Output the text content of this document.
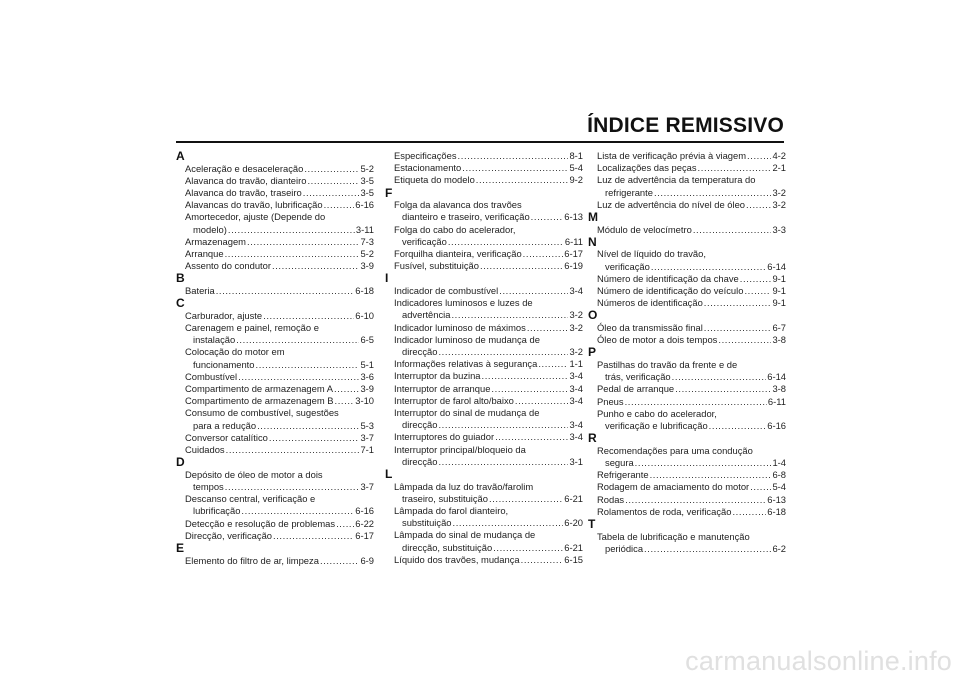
ÍNDICE REMISSIVO
A
Aceleração e desaceleração .....	5-2
Alavanca do travão, dianteiro .....	3-5
Alavanca do travão, traseiro .....	3-5
Alavancas do travão, lubrificação .....	6-16
Amortecedor, ajuste (Depende do
modelo) .....	3-11
Armazenagem .....	7-3
Arranque .....	5-2
Assento do condutor .....	3-9
B
Bateria .....	6-18
C
Carburador, ajuste .....	6-10
Carenagem e painel, remoção e
instalação .....	6-5
Colocação do motor em
funcionamento .....	5-1
Combustível .....	3-6
Compartimento de armazenagem A .....	3-9
Compartimento de armazenagem B ..... 3-10
Consumo de combustível, sugestões
para a redução .....	5-3
Conversor catalítico .....	3-7
Cuidados .....	7-1
D
Depósito de óleo de motor a dois
tempos .....	3-7
Descanso central, verificação e
lubrificação .....	6-16
Detecção e resolução de problemas ..... 6-22
Direcção, verificação .....	6-17
E
Elemento do filtro de ar, limpeza .....	6-9
Especificações .....	8-1
Estacionamento .....	5-4
Etiqueta do modelo .....	9-2
F
Folga da alavanca dos travões
dianteiro e traseiro, verificação .....	6-13
Folga do cabo do acelerador,
verificação .....	6-11
Forquilha dianteira, verificação .....	6-17
Fusível, substituição .....	6-19
I
Indicador de combustível .....	3-4
Indicadores luminosos e luzes de
advertência .....	3-2
Indicador luminoso de máximos .....	3-2
Indicador luminoso de mudança de
direcção .....	3-2
Informações relativas à segurança .....	1-1
Interruptor da buzina .....	3-4
Interruptor de arranque .....	3-4
Interruptor de farol alto/baixo .....	3-4
Interruptor do sinal de mudança de
direcção .....	3-4
Interruptores do guiador .....	3-4
Interruptor principal/bloqueio da
direcção .....	3-1
L
Lâmpada da luz do travão/farolim
traseiro, substituição .....	6-21
Lâmpada do farol dianteiro,
substituição .....	6-20
Lâmpada do sinal de mudança de
direcção, substituição .....	6-21
Líquido dos travões, mudança .....	6-15
Lista de verificação prévia à viagem .....	4-2
Localizações das peças .....	2-1
Luz de advertência da temperatura do
refrigerante .....	3-2
Luz de advertência do nível de óleo .....	3-2
M
Módulo de velocímetro .....	3-3
N
Nível de líquido do travão,
verificação .....	6-14
Número de identificação da chave .....	9-1
Número de identificação do veículo .....	9-1
Números de identificação .....	9-1
O
Óleo da transmissão final .....	6-7
Óleo de motor a dois tempos .....	3-8
P
Pastilhas do travão da frente e de
trás, verificação .....	6-14
Pedal de arranque .....	3-8
Pneus .....	6-11
Punho e cabo do acelerador,
verificação e lubrificação .....	6-16
R
Recomendações para uma condução
segura .....	1-4
Refrigerante .....	6-8
Rodagem de amaciamento do motor ..... 5-4
Rodas .....	6-13
Rolamentos de roda, verificação .....	6-18
T
Tabela de lubrificação e manutenção
periódica .....	6-2
carmanualsonline.info
